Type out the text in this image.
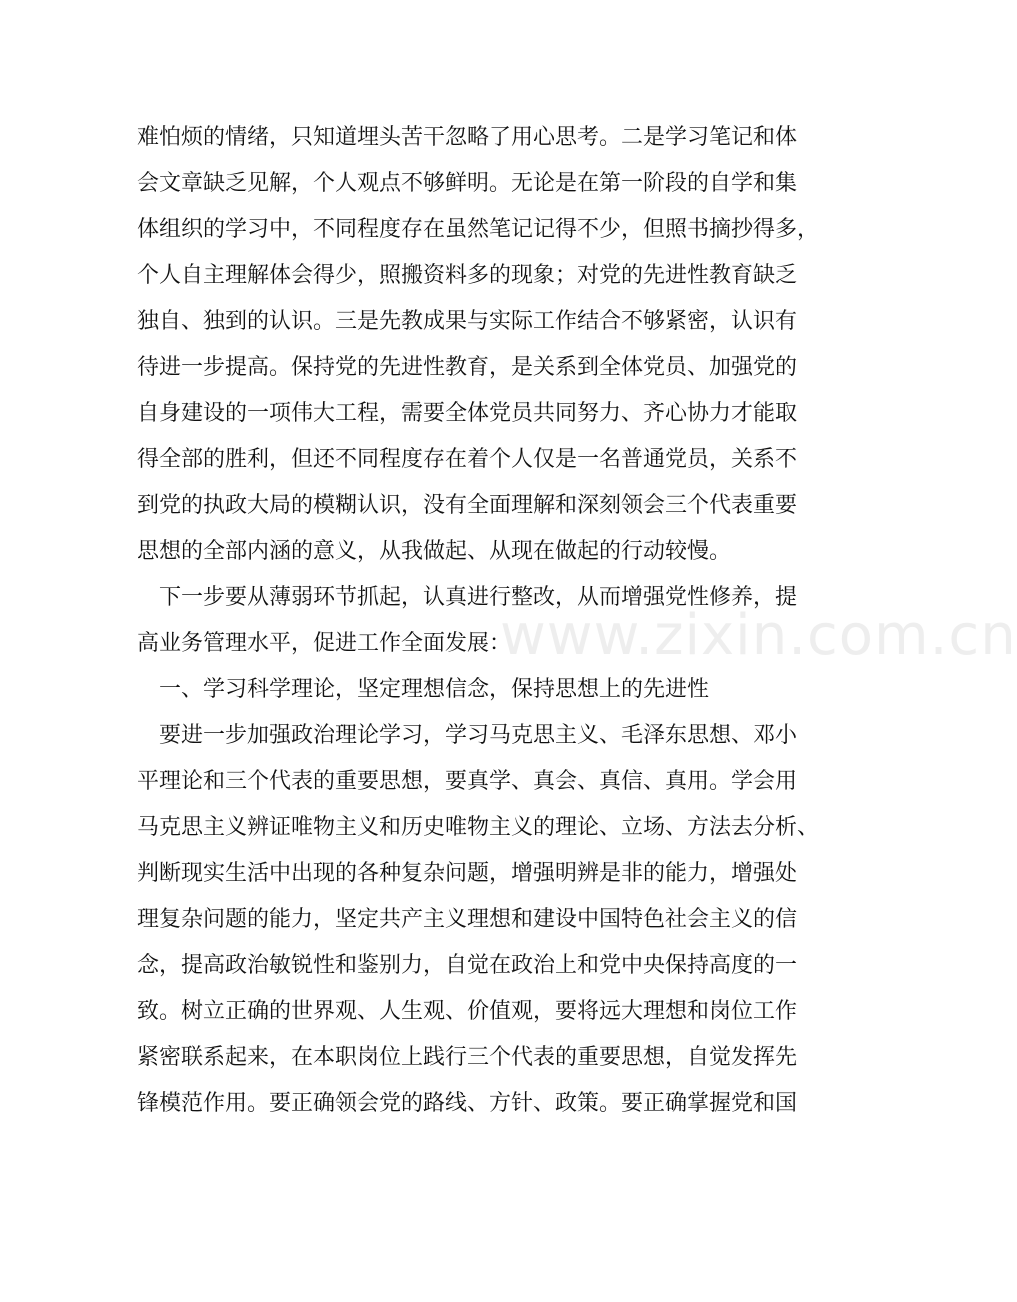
难怕烦的情绪，只知道埋头苦干忽略了用心思考。二是学习笔记和体
会文章缺乏见解，个人观点不够鲜明。无论是在第一阶段的自学和集
体组织的学习中，不同程度存在虽然笔记记得不少，但照书摘抄得多，
个人自主理解体会得少，照搬资料多的现象；对党的先进性教育缺乏
独自、独到的认识。三是先教成果与实际工作结合不够紧密，认识有
待进一步提高。保持党的先进性教育，是关系到全体党员、加强党的
自身建设的一项伟大工程，需要全体党员共同努力、齐心协力才能取
得全部的胜利，但还不同程度存在着个人仅是一名普通党员，关系不
到党的执政大局的模糊认识，没有全面理解和深刻领会三个代表重要
思想的全部内涵的意义，从我做起、从现在做起的行动较慢。
　下一步要从薄弱环节抓起，认真进行整改，从而增强党性修养，提
高业务管理水平，促进工作全面发展：
　一、学习科学理论，坚定理想信念，保持思想上的先进性
　要进一步加强政治理论学习，学习马克思主义、毛泽东思想、邓小
平理论和三个代表的重要思想，要真学、真会、真信、真用。学会用
马克思主义辨证唯物主义和历史唯物主义的理论、立场、方法去分析、
判断现实生活中出现的各种复杂问题，增强明辨是非的能力，增强处
理复杂问题的能力，坚定共产主义理想和建设中国特色社会主义的信
念，提高政治敏锐性和鉴别力，自觉在政治上和党中央保持高度的一
致。树立正确的世界观、人生观、价值观，要将远大理想和岗位工作
紧密联系起来，在本职岗位上践行三个代表的重要思想，自觉发挥先
锋模范作用。要正确领会党的路线、方针、政策。要正确掌握党和国
www.zixin.com.cn
